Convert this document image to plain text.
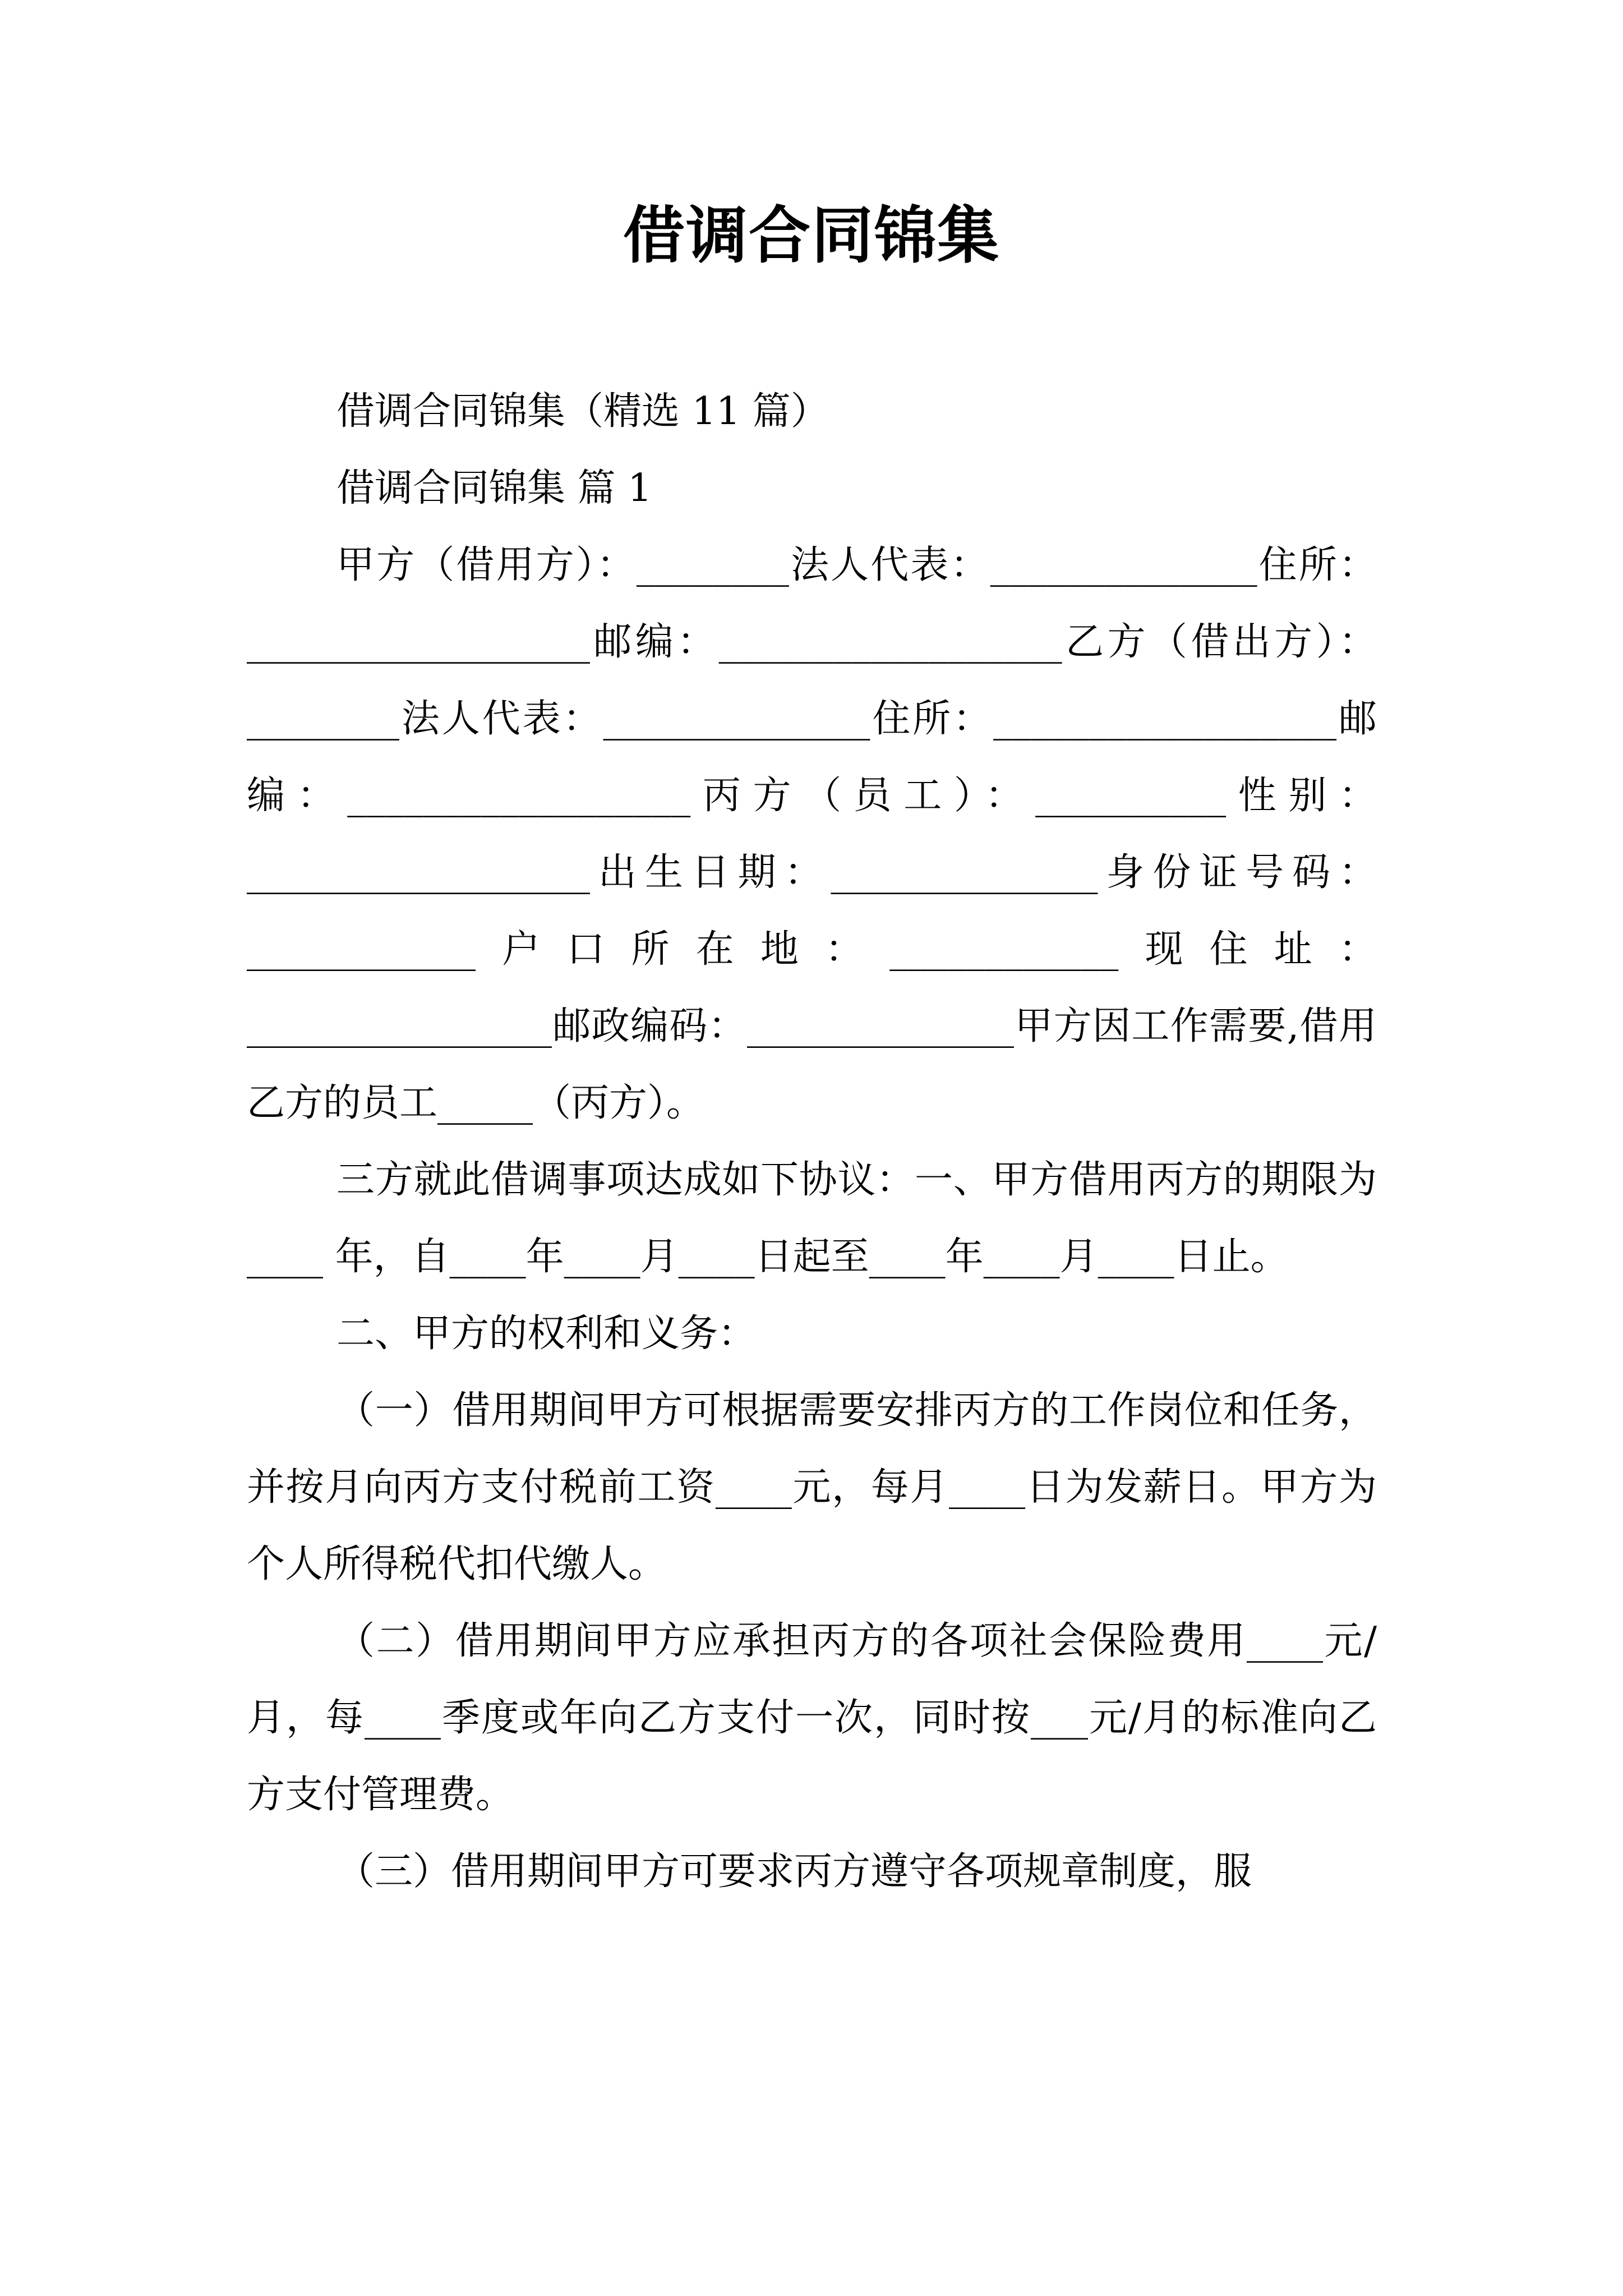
借调合同锦集

借调合同锦集（精选 11 篇）

借调合同锦集 篇 1

甲方（借用方）：________法人代表：______________住所：__________________邮编：__________________乙方（借出方）：________法人代表：______________住所：__________________邮编：__________________丙方（员工）：__________性别：__________________出生日期：______________身份证号码：____________户口所在地：____________现住址：________________邮政编码：______________甲方因工作需要,借用乙方的员工_____（丙方）。

三方就此借调事项达成如下协议：一、甲方借用丙方的期限为____ 年，自____年____月____日起至____年____月____日止。

二、甲方的权利和义务：

（一）借用期间甲方可根据需要安排丙方的工作岗位和任务，并按月向丙方支付税前工资____元，每月____日为发薪日。甲方为个人所得税代扣代缴人。

（二）借用期间甲方应承担丙方的各项社会保险费用____元/月，每____季度或年向乙方支付一次，同时按___元/月的标准向乙方支付管理费。

（三）借用期间甲方可要求丙方遵守各项规章制度，服
